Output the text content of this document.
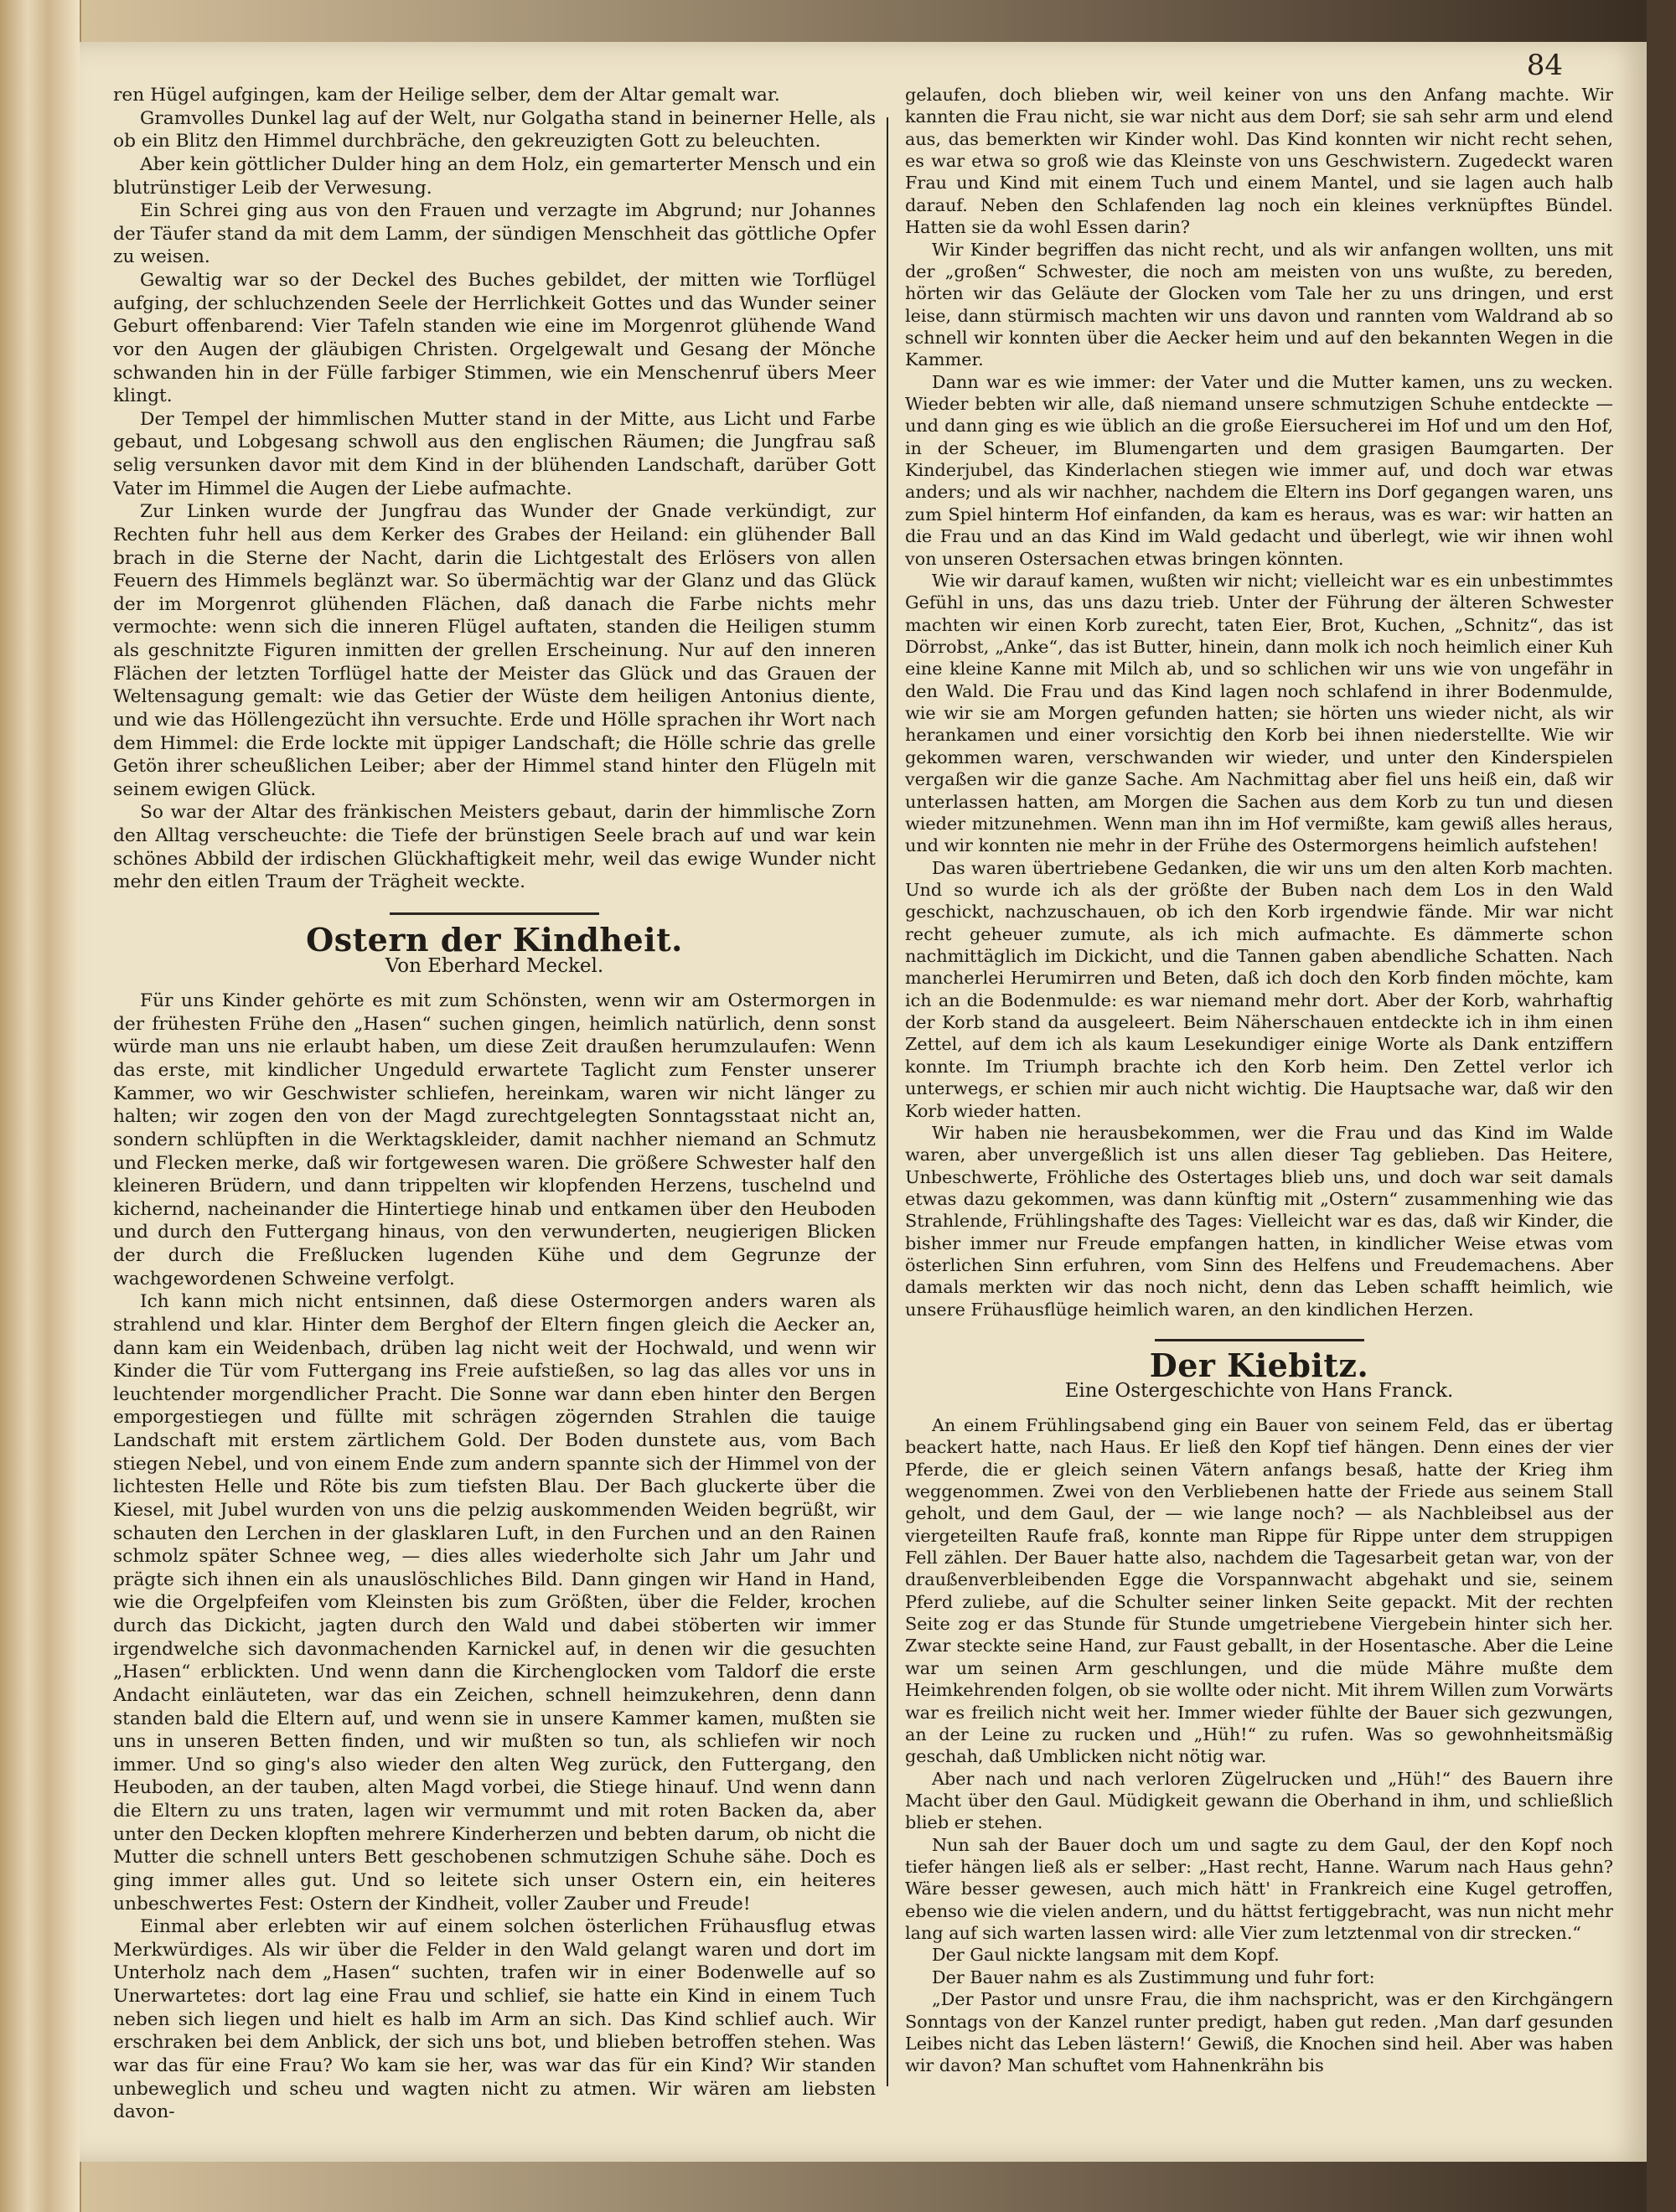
84

ren Hügel aufgingen, kam der Heilige selber, dem der Altar gemalt war.

Gramvolles Dunkel lag auf der Welt, nur Golgatha stand in beinerner Helle, als ob ein Blitz den Himmel durchbräche, den gekreuzigten Gott zu beleuchten.

Aber kein göttlicher Dulder hing an dem Holz, ein gemarterter Mensch und ein blutrünstiger Leib der Verwesung.

Ein Schrei ging aus von den Frauen und verzagte im Abgrund; nur Johannes der Täufer stand da mit dem Lamm, der sündigen Menschheit das göttliche Opfer zu weisen.

Gewaltig war so der Deckel des Buches gebildet, der mitten wie Torflügel aufging, der schluchzenden Seele der Herrlichkeit Gottes und das Wunder seiner Geburt offenbarend: Vier Tafeln standen wie eine im Morgenrot glühende Wand vor den Augen der gläubigen Christen. Orgelgewalt und Gesang der Mönche schwanden hin in der Fülle farbiger Stimmen, wie ein Menschenruf übers Meer klingt.

Der Tempel der himmlischen Mutter stand in der Mitte, aus Licht und Farbe gebaut, und Lobgesang schwoll aus den englischen Räumen; die Jungfrau saß selig versunken davor mit dem Kind in der blühenden Landschaft, darüber Gott Vater im Himmel die Augen der Liebe aufmachte.

Zur Linken wurde der Jungfrau das Wunder der Gnade verkündigt, zur Rechten fuhr hell aus dem Kerker des Grabes der Heiland: ein glühender Ball brach in die Sterne der Nacht, darin die Lichtgestalt des Erlösers von allen Feuern des Himmels beglänzt war. So übermächtig war der Glanz und das Glück der im Morgenrot glühenden Flächen, daß danach die Farbe nichts mehr vermochte: wenn sich die inneren Flügel auftaten, standen die Heiligen stumm als geschnitzte Figuren inmitten der grellen Erscheinung. Nur auf den inneren Flächen der letzten Torflügel hatte der Meister das Glück und das Grauen der Weltensagung gemalt: wie das Getier der Wüste dem heiligen Antonius diente, und wie das Höllengezücht ihn versuchte. Erde und Hölle sprachen ihr Wort nach dem Himmel: die Erde lockte mit üppiger Landschaft; die Hölle schrie das grelle Getön ihrer scheußlichen Leiber; aber der Himmel stand hinter den Flügeln mit seinem ewigen Glück.

So war der Altar des fränkischen Meisters gebaut, darin der himmlische Zorn den Alltag verscheuchte: die Tiefe der brünstigen Seele brach auf und war kein schönes Abbild der irdischen Glückhaftigkeit mehr, weil das ewige Wunder nicht mehr den eitlen Traum der Trägheit weckte.

Ostern der Kindheit.
Von Eberhard Meckel.

Für uns Kinder gehörte es mit zum Schönsten, wenn wir am Ostermorgen in der frühesten Frühe den „Hasen“ suchen gingen, heimlich natürlich, denn sonst würde man uns nie erlaubt haben, um diese Zeit draußen herumzulaufen: Wenn das erste, mit kindlicher Ungeduld erwartete Taglicht zum Fenster unserer Kammer, wo wir Geschwister schliefen, hereinkam, waren wir nicht länger zu halten; wir zogen den von der Magd zurechtgelegten Sonntagsstaat nicht an, sondern schlüpften in die Werktagskleider, damit nachher niemand an Schmutz und Flecken merke, daß wir fortgewesen waren. Die größere Schwester half den kleineren Brüdern, und dann trippelten wir klopfenden Herzens, tuschelnd und kichernd, nacheinander die Hintertiege hinab und entkamen über den Heuboden und durch den Futtergang hinaus, von den verwunderten, neugierigen Blicken der durch die Freßlucken lugenden Kühe und dem Gegrunze der wachgewordenen Schweine verfolgt.

Ich kann mich nicht entsinnen, daß diese Ostermorgen anders waren als strahlend und klar. Hinter dem Berghof der Eltern fingen gleich die Aecker an, dann kam ein Weidenbach, drüben lag nicht weit der Hochwald, und wenn wir Kinder die Tür vom Futtergang ins Freie aufstießen, so lag das alles vor uns in leuchtender morgendlicher Pracht. Die Sonne war dann eben hinter den Bergen emporgestiegen und füllte mit schrägen zögernden Strahlen die tauige Landschaft mit erstem zärtlichem Gold. Der Boden dunstete aus, vom Bach stiegen Nebel, und von einem Ende zum andern spannte sich der Himmel von der lichtesten Helle und Röte bis zum tiefsten Blau. Der Bach gluckerte über die Kiesel, mit Jubel wurden von uns die pelzig auskommenden Weiden begrüßt, wir schauten den Lerchen in der glasklaren Luft, in den Furchen und an den Rainen schmolz später Schnee weg, — dies alles wiederholte sich Jahr um Jahr und prägte sich ihnen ein als unauslöschliches Bild. Dann gingen wir Hand in Hand, wie die Orgelpfeifen vom Kleinsten bis zum Größten, über die Felder, krochen durch das Dickicht, jagten durch den Wald und dabei stöberten wir immer irgendwelche sich davonmachenden Karnickel auf, in denen wir die gesuchten „Hasen“ erblickten. Und wenn dann die Kirchenglocken vom Taldorf die erste Andacht einläuteten, war das ein Zeichen, schnell heimzukehren, denn dann standen bald die Eltern auf, und wenn sie in unsere Kammer kamen, mußten sie uns in unseren Betten finden, und wir mußten so tun, als schliefen wir noch immer. Und so ging's also wieder den alten Weg zurück, den Futtergang, den Heuboden, an der tauben, alten Magd vorbei, die Stiege hinauf. Und wenn dann die Eltern zu uns traten, lagen wir vermummt und mit roten Backen da, aber unter den Decken klopften mehrere Kinderherzen und bebten darum, ob nicht die Mutter die schnell unters Bett geschobenen schmutzigen Schuhe sähe. Doch es ging immer alles gut. Und so leitete sich unser Ostern ein, ein heiteres unbeschwertes Fest: Ostern der Kindheit, voller Zauber und Freude!

Einmal aber erlebten wir auf einem solchen österlichen Frühausflug etwas Merkwürdiges. Als wir über die Felder in den Wald gelangt waren und dort im Unterholz nach dem „Hasen“ suchten, trafen wir in einer Bodenwelle auf so Unerwartetes: dort lag eine Frau und schlief, sie hatte ein Kind in einem Tuch neben sich liegen und hielt es halb im Arm an sich. Das Kind schlief auch. Wir erschraken bei dem Anblick, der sich uns bot, und blieben betroffen stehen. Was war das für eine Frau? Wo kam sie her, was war das für ein Kind? Wir standen unbeweglich und scheu und wagten nicht zu atmen. Wir wären am liebsten davon-

gelaufen, doch blieben wir, weil keiner von uns den Anfang machte. Wir kannten die Frau nicht, sie war nicht aus dem Dorf; sie sah sehr arm und elend aus, das bemerkten wir Kinder wohl. Das Kind konnten wir nicht recht sehen, es war etwa so groß wie das Kleinste von uns Geschwistern. Zugedeckt waren Frau und Kind mit einem Tuch und einem Mantel, und sie lagen auch halb darauf. Neben den Schlafenden lag noch ein kleines verknüpftes Bündel. Hatten sie da wohl Essen darin?

Wir Kinder begriffen das nicht recht, und als wir anfangen wollten, uns mit der „großen“ Schwester, die noch am meisten von uns wußte, zu bereden, hörten wir das Geläute der Glocken vom Tale her zu uns dringen, und erst leise, dann stürmisch machten wir uns davon und rannten vom Waldrand ab so schnell wir konnten über die Aecker heim und auf den bekannten Wegen in die Kammer.

Dann war es wie immer: der Vater und die Mutter kamen, uns zu wecken. Wieder bebten wir alle, daß niemand unsere schmutzigen Schuhe entdeckte — und dann ging es wie üblich an die große Eiersucherei im Hof und um den Hof, in der Scheuer, im Blumengarten und dem grasigen Baumgarten. Der Kinderjubel, das Kinderlachen stiegen wie immer auf, und doch war etwas anders; und als wir nachher, nachdem die Eltern ins Dorf gegangen waren, uns zum Spiel hinterm Hof einfanden, da kam es heraus, was es war: wir hatten an die Frau und an das Kind im Wald gedacht und überlegt, wie wir ihnen wohl von unseren Ostersachen etwas bringen könnten.

Wie wir darauf kamen, wußten wir nicht; vielleicht war es ein unbestimmtes Gefühl in uns, das uns dazu trieb. Unter der Führung der älteren Schwester machten wir einen Korb zurecht, taten Eier, Brot, Kuchen, „Schnitz“, das ist Dörrobst, „Anke“, das ist Butter, hinein, dann molk ich noch heimlich einer Kuh eine kleine Kanne mit Milch ab, und so schlichen wir uns wie von ungefähr in den Wald. Die Frau und das Kind lagen noch schlafend in ihrer Bodenmulde, wie wir sie am Morgen gefunden hatten; sie hörten uns wieder nicht, als wir herankamen und einer vorsichtig den Korb bei ihnen niederstellte. Wie wir gekommen waren, verschwanden wir wieder, und unter den Kinderspielen vergaßen wir die ganze Sache. Am Nachmittag aber fiel uns heiß ein, daß wir unterlassen hatten, am Morgen die Sachen aus dem Korb zu tun und diesen wieder mitzunehmen. Wenn man ihn im Hof vermißte, kam gewiß alles heraus, und wir konnten nie mehr in der Frühe des Ostermorgens heimlich aufstehen!

Das waren übertriebene Gedanken, die wir uns um den alten Korb machten. Und so wurde ich als der größte der Buben nach dem Los in den Wald geschickt, nachzuschauen, ob ich den Korb irgendwie fände. Mir war nicht recht geheuer zumute, als ich mich aufmachte. Es dämmerte schon nachmittäglich im Dickicht, und die Tannen gaben abendliche Schatten. Nach mancherlei Herumirren und Beten, daß ich doch den Korb finden möchte, kam ich an die Bodenmulde: es war niemand mehr dort. Aber der Korb, wahrhaftig der Korb stand da ausgeleert. Beim Näherschauen entdeckte ich in ihm einen Zettel, auf dem ich als kaum Lesekundiger einige Worte als Dank entziffern konnte. Im Triumph brachte ich den Korb heim. Den Zettel verlor ich unterwegs, er schien mir auch nicht wichtig. Die Hauptsache war, daß wir den Korb wieder hatten.

Wir haben nie herausbekommen, wer die Frau und das Kind im Walde waren, aber unvergeßlich ist uns allen dieser Tag geblieben. Das Heitere, Unbeschwerte, Fröhliche des Ostertages blieb uns, und doch war seit damals etwas dazu gekommen, was dann künftig mit „Ostern“ zusammenhing wie das Strahlende, Frühlingshafte des Tages: Vielleicht war es das, daß wir Kinder, die bisher immer nur Freude empfangen hatten, in kindlicher Weise etwas vom österlichen Sinn erfuhren, vom Sinn des Helfens und Freudemachens. Aber damals merkten wir das noch nicht, denn das Leben schafft heimlich, wie unsere Frühausflüge heimlich waren, an den kindlichen Herzen.

Der Kiebitz.
Eine Ostergeschichte von Hans Franck.

An einem Frühlingsabend ging ein Bauer von seinem Feld, das er übertag beackert hatte, nach Haus. Er ließ den Kopf tief hängen. Denn eines der vier Pferde, die er gleich seinen Vätern anfangs besaß, hatte der Krieg ihm weggenommen. Zwei von den Verbliebenen hatte der Friede aus seinem Stall geholt, und dem Gaul, der — wie lange noch? — als Nachbleibsel aus der viergeteilten Raufe fraß, konnte man Rippe für Rippe unter dem struppigen Fell zählen. Der Bauer hatte also, nachdem die Tagesarbeit getan war, von der draußenverbleibenden Egge die Vorspannwacht abgehakt und sie, seinem Pferd zuliebe, auf die Schulter seiner linken Seite gepackt. Mit der rechten Seite zog er das Stunde für Stunde umgetriebene Viergebein hinter sich her. Zwar steckte seine Hand, zur Faust geballt, in der Hosentasche. Aber die Leine war um seinen Arm geschlungen, und die müde Mähre mußte dem Heimkehrenden folgen, ob sie wollte oder nicht. Mit ihrem Willen zum Vorwärts war es freilich nicht weit her. Immer wieder fühlte der Bauer sich gezwungen, an der Leine zu rucken und „Hüh!“ zu rufen. Was so gewohnheitsmäßig geschah, daß Umblicken nicht nötig war.

Aber nach und nach verloren Zügelrucken und „Hüh!“ des Bauern ihre Macht über den Gaul. Müdigkeit gewann die Oberhand in ihm, und schließlich blieb er stehen.

Nun sah der Bauer doch um und sagte zu dem Gaul, der den Kopf noch tiefer hängen ließ als er selber: „Hast recht, Hanne. Warum nach Haus gehn? Wäre besser gewesen, auch mich hätt' in Frankreich eine Kugel getroffen, ebenso wie die vielen andern, und du hättst fertiggebracht, was nun nicht mehr lang auf sich warten lassen wird: alle Vier zum letztenmal von dir strecken.“

Der Gaul nickte langsam mit dem Kopf.

Der Bauer nahm es als Zustimmung und fuhr fort:

„Der Pastor und unsre Frau, die ihm nachspricht, was er den Kirchgängern Sonntags von der Kanzel runter predigt, haben gut reden. ‚Man darf gesunden Leibes nicht das Leben lästern!‘ Gewiß, die Knochen sind heil. Aber was haben wir davon? Man schuftet vom Hahnenkrähn bis
